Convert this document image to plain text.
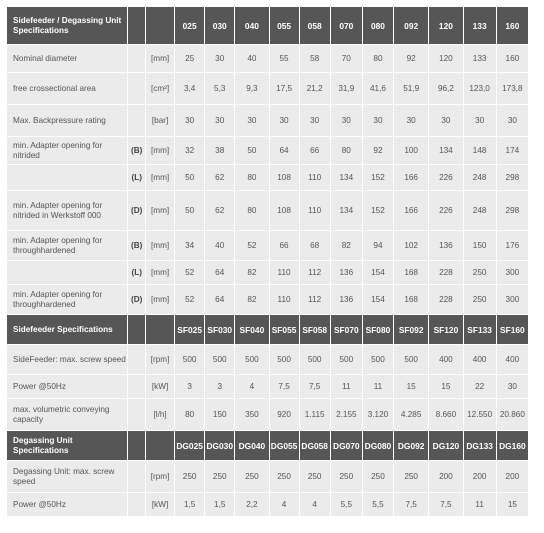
Sidefeeder / Degassing Unit Specifications			025	030	040	055	058	070	080	092	120	133	160
Nominal diameter		[mm]	25	30	40	55	58	70	80	92	120	133	160
free crossectional area		[cm²]	3,4	5,3	9,3	17,5	21,2	31,9	41,6	51,9	96,2	123,0	173,8
Max. Backpressure rating		[bar]	30	30	30	30	30	30	30	30	30	30	30
min. Adapter opening for nitrided	(B)	[mm]	32	38	50	64	66	80	92	100	134	148	174
	(L)	[mm]	50	62	80	108	110	134	152	166	226	248	298
min. Adapter opening for nitrided in Werkstoff 000	(D)	[mm]	50	62	80	108	110	134	152	166	226	248	298
min. Adapter opening for throughhardened	(B)	[mm]	34	40	52	66	68	82	94	102	136	150	176
	(L)	[mm]	52	64	82	110	112	136	154	168	228	250	300
min. Adapter opening for throughhardened	(D)	[mm]	52	64	82	110	112	136	154	168	228	250	300
Sidefeeder Specifications			SF025	SF030	SF040	SF055	SF058	SF070	SF080	SF092	SF120	SF133	SF160
SideFeeder: max. screw speed		[rpm]	500	500	500	500	500	500	500	500	400	400	400
Power @50Hz		[kW]	3	3	4	7,5	7,5	11	11	15	15	22	30
max. volumetric conveying capacity		[l/h]	80	150	350	920	1.115	2.155	3.120	4.285	8.660	12.550	20.860
Degassing Unit Specifications			DG025	DG030	DG040	DG055	DG058	DG070	DG080	DG092	DG120	DG133	DG160
Degassing Unit: max. screw speed		[rpm]	250	250	250	250	250	250	250	250	200	200	200
Power @50Hz		[kW]	1,5	1,5	2,2	4	4	5,5	5,5	7,5	7,5	11	15
